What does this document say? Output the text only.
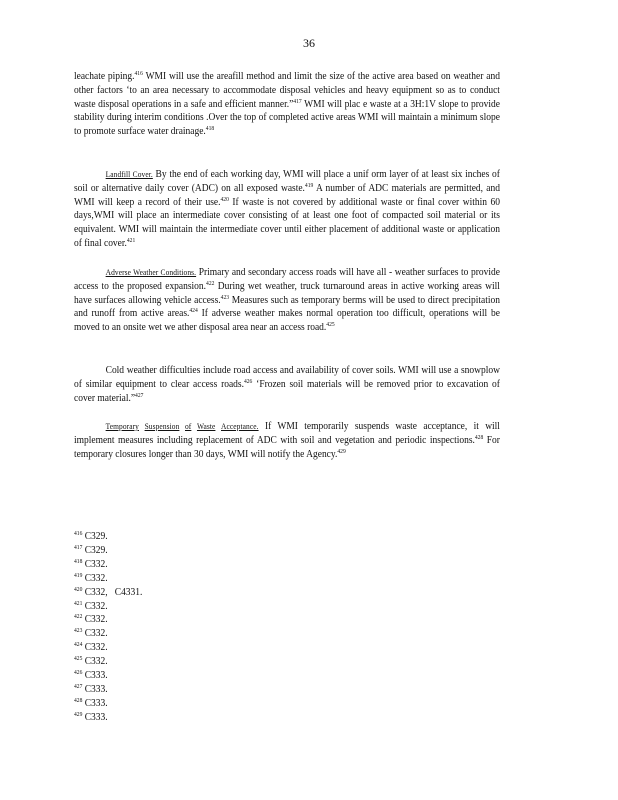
36
leachate piping.$^{416}$ WMI will use the areafill method and limit the size of the active area based on weather and other factors ‘to an area necessary to accommodate disposal vehicles and heavy equipment so as to conduct waste disposal operations in a safe and efficient manner.”$^{417}$ WMI will plac e waste at a 3H:1V slope to provide stability during interim conditions .Over the top of completed active areas WMI will maintain a minimum slope to promote surface water drainage.$^{418}$
Landfill Cover. By the end of each working day, WMI will place a unif orm layer of at least six inches of soil or alternative daily cover (ADC) on all exposed waste.$^{419}$ A number of ADC materials are permitted, and WMI will keep a record of their use.$^{420}$ If waste is not covered by additional waste or final cover within 60 days,WMI will place an intermediate cover consisting of at least one foot of compacted soil material or its equivalent. WMI will maintain the intermediate cover until either placement of additional waste or application of final cover.$^{421}$
Adverse Weather Conditions. Primary and secondary access roads will have all - weather surfaces to provide access to the proposed expansion.$^{422}$ During wet weather, truck turnaround areas in active working areas will have surfaces allowing vehicle access.$^{423}$ Measures such as temporary berms will be used to direct precipitation and runoff from active areas.$^{424}$ If adverse weather makes normal operation too difficult, operations will be moved to an onsite wet we ather disposal area near an access road.$^{425}$
Cold weather difficulties include road access and availability of cover soils. WMI will use a snowplow of similar equipment to clear access roads.$^{426}$ ‘Frozen soil materials will be removed prior to excavation of cover material.”$^{427}$
Temporary Suspension of Waste Acceptance. If WMI temporarily suspends waste acceptance, it will implement measures including replacement of ADC with soil and vegetation and periodic inspections.$^{428}$ For temporary closures longer than 30 days, WMI will notify the Agency.$^{429}$
$^{416}$ C329.
$^{417}$ C329.
$^{418}$ C332.
$^{419}$ C332.
$^{420}$ C332,   C4331.
$^{421}$ C332.
$^{422}$ C332.
$^{423}$ C332.
$^{424}$ C332.
$^{425}$ C332.
$^{426}$ C333.
$^{427}$ C333.
$^{428}$ C333.
$^{429}$ C333.
